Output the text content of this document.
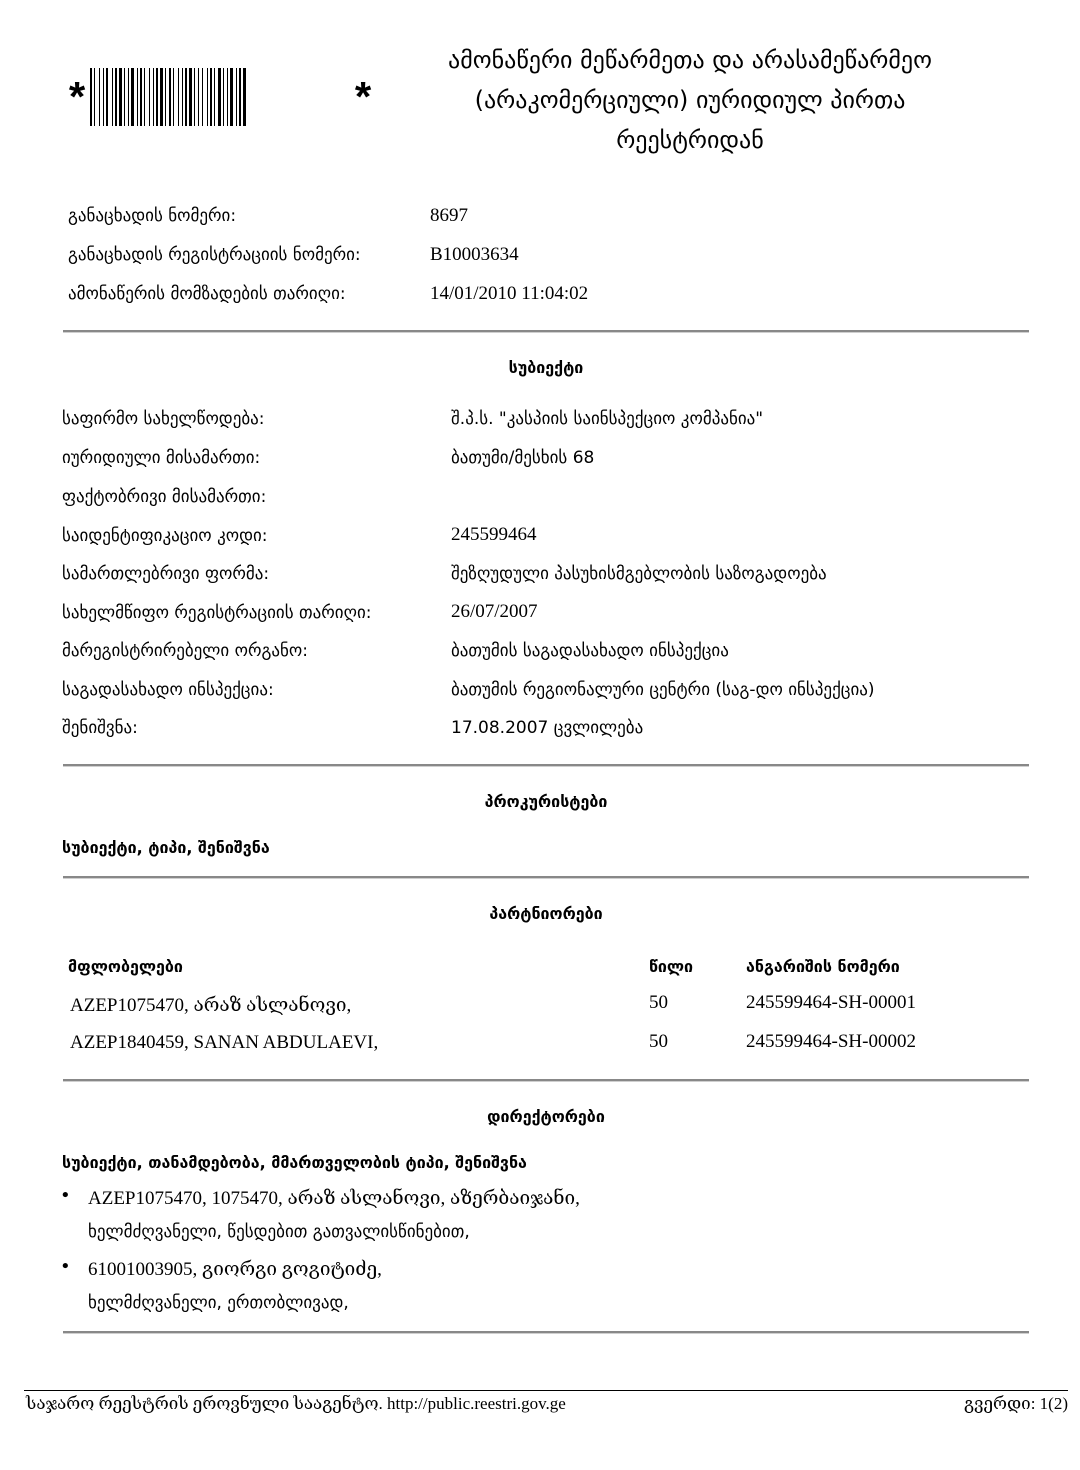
*	*
ამონაწერი მეწარმეთა და არასამეწარმეო
(არაკომერციული) იურიდიულ პირთა
რეესტრიდან
განაცხადის ნომერი:	8697
განაცხადის რეგისტრაციის ნომერი:	B10003634
ამონაწერის მომზადების თარიღი:	14/01/2010 11:04:02
სუბიექტი
საფირმო სახელწოდება:	შ.პ.ს. "კასპიის საინსპექციო კომპანია"
იურიდიული მისამართი:	ბათუმი/მესხის 68
ფაქტობრივი მისამართი:
საიდენტიფიკაციო კოდი:	245599464
სამართლებრივი ფორმა:	შეზღუდული პასუხისმგებლობის საზოგადოება
სახელმწიფო რეგისტრაციის თარიღი:	26/07/2007
მარეგისტრირებელი ორგანო:	ბათუმის საგადასახადო ინსპექცია
საგადასახადო ინსპექცია:	ბათუმის რეგიონალური ცენტრი (საგ-დო ინსპექცია)
შენიშვნა:	17.08.2007 ცვლილება
პროკურისტები
სუბიექტი, ტიპი, შენიშვნა
პარტნიორები
მფლობელები	წილი	ანგარიშის ნომერი
AZEP1075470, არაზ ასლანოვი,	50	245599464-SH-00001
AZEP1840459, SANAN ABDULAEVI,	50	245599464-SH-00002
დირექტორები
სუბიექტი, თანამდებობა, მმართველობის ტიპი, შენიშვნა
• AZEP1075470, 1075470, არაზ ასლანოვი, აზერბაიჯანი,
ხელმძღვანელი, წესდებით გათვალისწინებით,
• 61001003905, გიორგი გოგიტიძე,
ხელმძღვანელი, ერთობლივად,
საჯარო რეესტრის ეროვნული სააგენტო. http://public.reestri.gov.ge	გვერდი: 1(2)
